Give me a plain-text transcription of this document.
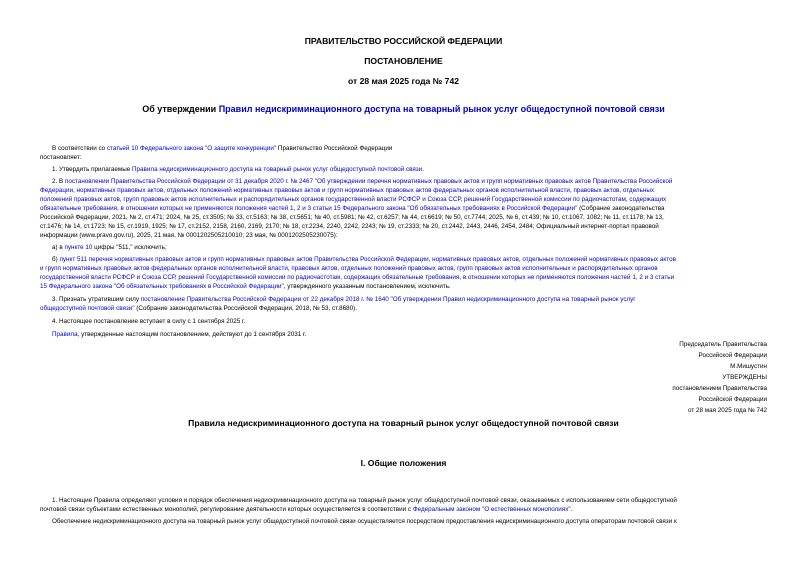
ПРАВИТЕЛЬСТВО РОССИЙСКОЙ ФЕДЕРАЦИИ
ПОСТАНОВЛЕНИЕ
от 28 мая 2025 года № 742
Об утверждении Правил недискриминационного доступа на товарный рынок услуг общедоступной почтовой связи
В соответствии со статьей 10 Федерального закона "О защите конкуренции" Правительство Российской Федерации
постановляет:
1. Утвердить прилагаемые Правила недискриминационного доступа на товарный рынок услуг общедоступной почтовой связи.
2. В постановлении Правительства Российской Федерации от 31 декабря 2020 г. № 2467 "Об утверждении перечня нормативных правовых актов и групп нормативных правовых актов Правительства Российской
Федерации, нормативных правовых актов, отдельных положений нормативных правовых актов и групп нормативных правовых актов федеральных органов исполнительной власти, правовых актов, отдельных
положений правовых актов, групп правовых актов исполнительных и распорядительных органов государственной власти РСФСР и Союза ССР, решений Государственной комиссии по радиочастотам, содержащих
обязательные требования, в отношении которых не применяются положения частей 1, 2 и 3 статьи 15 Федерального закона "Об обязательных требованиях в Российской Федерации" (Собрание законодательства
Российской Федерации, 2021, № 2, ст.471; 2024, № 25, ст.3505; № 33, ст.5163; № 38, ст.5651; № 40, ст.5981; № 42, ст.6257; № 44, ст.6619; № 50, ст.7744; 2025, № 6, ст.439; № 10, ст.1067, 1082; № 11, ст.1178; № 13,
ст.1476; № 14, ст.1723; № 15, ст.1919, 1925; № 17, ст.2152, 2158, 2160, 2169, 2170; № 18, ст.2234, 2240, 2242, 2243; № 19, ст.2333; № 20, ст.2442, 2443, 2446, 2454, 2484; Официальный интернет-портал правовой
информации (www.pravo.gov.ru), 2025, 21 мая, № 0001202505210010; 23 мая, № 0001202505230075):
а) в пункте 10 цифры "511," исключить;
б) пункт 511 перечня нормативных правовых актов и групп нормативных правовых актов Правительства Российской Федерации, нормативных правовых актов, отдельных положений нормативных правовых актов
и групп нормативных правовых актов федеральных органов исполнительной власти, правовых актов, отдельных положений правовых актов, групп правовых актов исполнительных и распорядительных органов
государственной власти РСФСР и Союза ССР, решений Государственной комиссии по радиочастотам, содержащих обязательные требования, в отношении которых не применяются положения частей 1, 2 и 3 статьи
15 Федерального закона "Об обязательных требованиях в Российской Федерации", утвержденного указанным постановлением, исключить.
3. Признать утратившим силу постановление Правительства Российской Федерации от 22 декабря 2018 г. № 1640 "Об утверждении Правил недискриминационного доступа на товарный рынок услуг
общедоступной почтовой связи" (Собрание законодательства Российской Федерации, 2018, № 53, ст.8680).
4. Настоящее постановление вступает в силу с 1 сентября 2025 г.
Правила, утвержденные настоящим постановлением, действуют до 1 сентября 2031 г.
Председатель Правительства
Российской Федерации
М.Мишустин
УТВЕРЖДЕНЫ
постановлением Правительства
Российской Федерации
от 28 мая 2025 года № 742
Правила недискриминационного доступа на товарный рынок услуг общедоступной почтовой связи
I. Общие положения
1. Настоящие Правила определяют условия и порядок обеспечения недискриминационного доступа на товарный рынок услуг общедоступной почтовой связи, оказываемых с использованием сети общедоступной
почтовой связи субъектами естественных монополий, регулирование деятельности которых осуществляется в соответствии с Федеральным законом "О естественных монополиях".
Обеспечение недискриминационного доступа на товарный рынок услуг общедоступной почтовой связи осуществляется посредством предоставления недискриминационного доступа операторам почтовой связи к
